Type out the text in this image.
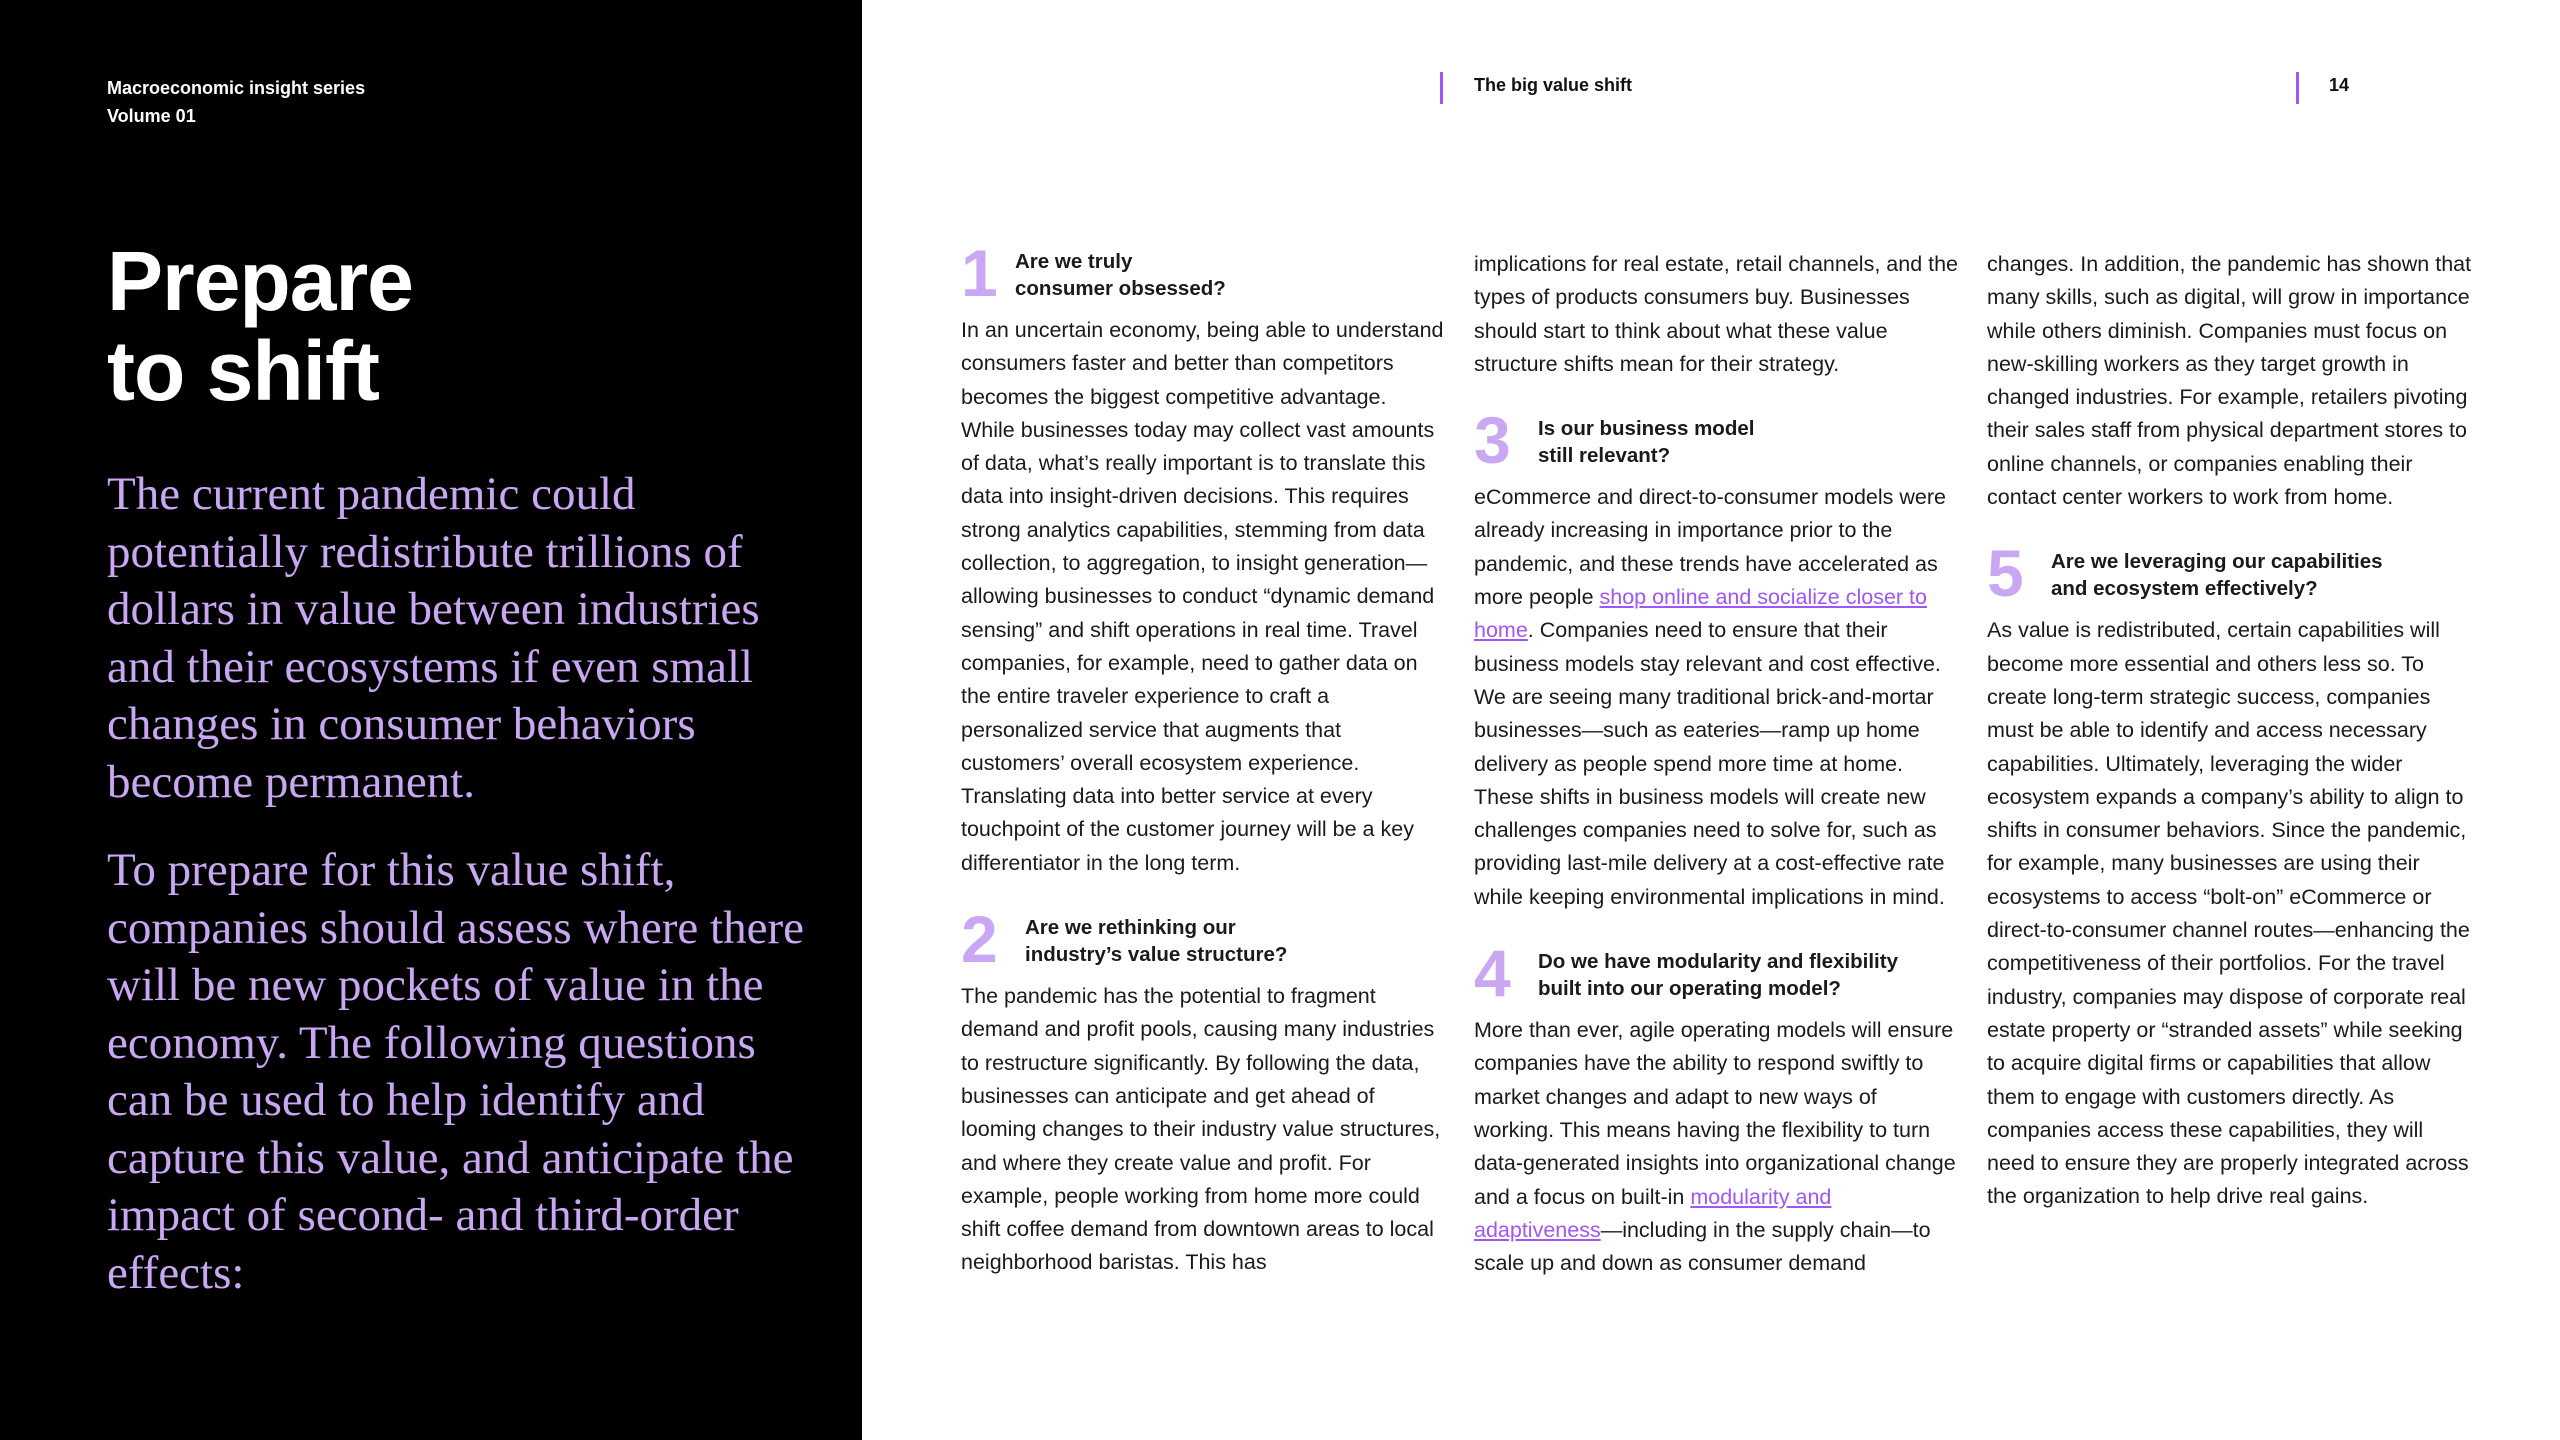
Macroeconomic insight series
Volume 01
Prepare
to shift

The current pandemic could potentially redistribute trillions of dollars in value between industries and their ecosystems if even small changes in consumer behaviors become permanent.

To prepare for this value shift, companies should assess where there will be new pockets of value in the economy. The following questions can be used to help identify and capture this value, and anticipate the impact of second- and third-order effects:

The big value shift	14
1 Are we truly
consumer obsessed?

In an uncertain economy, being able to understand consumers faster and better than competitors becomes the biggest competitive advantage. While businesses today may collect vast amounts of data, what’s really important is to translate this data into insight-driven decisions. This requires strong analytics capabilities, stemming from data collection, to aggregation, to insight generation—allowing businesses to conduct “dynamic demand sensing” and shift operations in real time. Travel companies, for example, need to gather data on the entire traveler experience to craft a personalized service that augments that customers’ overall ecosystem experience. Translating data into better service at every touchpoint of the customer journey will be a key differentiator in the long term.

2 Are we rethinking our
industry’s value structure?

The pandemic has the potential to fragment demand and profit pools, causing many industries to restructure significantly. By following the data, businesses can anticipate and get ahead of looming changes to their industry value structures, and where they create value and profit. For example, people working from home more could shift coffee demand from downtown areas to local neighborhood baristas. This has

implications for real estate, retail channels, and the types of products consumers buy. Businesses should start to think about what these value structure shifts mean for their strategy.

3 Is our business model
still relevant?

eCommerce and direct-to-consumer models were already increasing in importance prior to the pandemic, and these trends have accelerated as more people shop online and socialize closer to home. Companies need to ensure that their business models stay relevant and cost effective. We are seeing many traditional brick-and-mortar businesses—such as eateries—ramp up home delivery as people spend more time at home. These shifts in business models will create new challenges companies need to solve for, such as providing last-mile delivery at a cost-effective rate while keeping environmental implications in mind.

4 Do we have modularity and flexibility
built into our operating model?

More than ever, agile operating models will ensure companies have the ability to respond swiftly to market changes and adapt to new ways of working. This means having the flexibility to turn data-generated insights into organizational change and a focus on built-in modularity and adaptiveness—including in the supply chain—to scale up and down as consumer demand

changes. In addition, the pandemic has shown that many skills, such as digital, will grow in importance while others diminish. Companies must focus on new-skilling workers as they target growth in changed industries. For example, retailers pivoting their sales staff from physical department stores to online channels, or companies enabling their contact center workers to work from home.

5 Are we leveraging our capabilities
and ecosystem effectively?

As value is redistributed, certain capabilities will become more essential and others less so. To create long-term strategic success, companies must be able to identify and access necessary capabilities. Ultimately, leveraging the wider ecosystem expands a company’s ability to align to shifts in consumer behaviors. Since the pandemic, for example, many businesses are using their ecosystems to access “bolt-on” eCommerce or direct-to-consumer channel routes—enhancing the competitiveness of their portfolios. For the travel industry, companies may dispose of corporate real estate property or “stranded assets” while seeking to acquire digital firms or capabilities that allow them to engage with customers directly. As companies access these capabilities, they will need to ensure they are properly integrated across the organization to help drive real gains.
